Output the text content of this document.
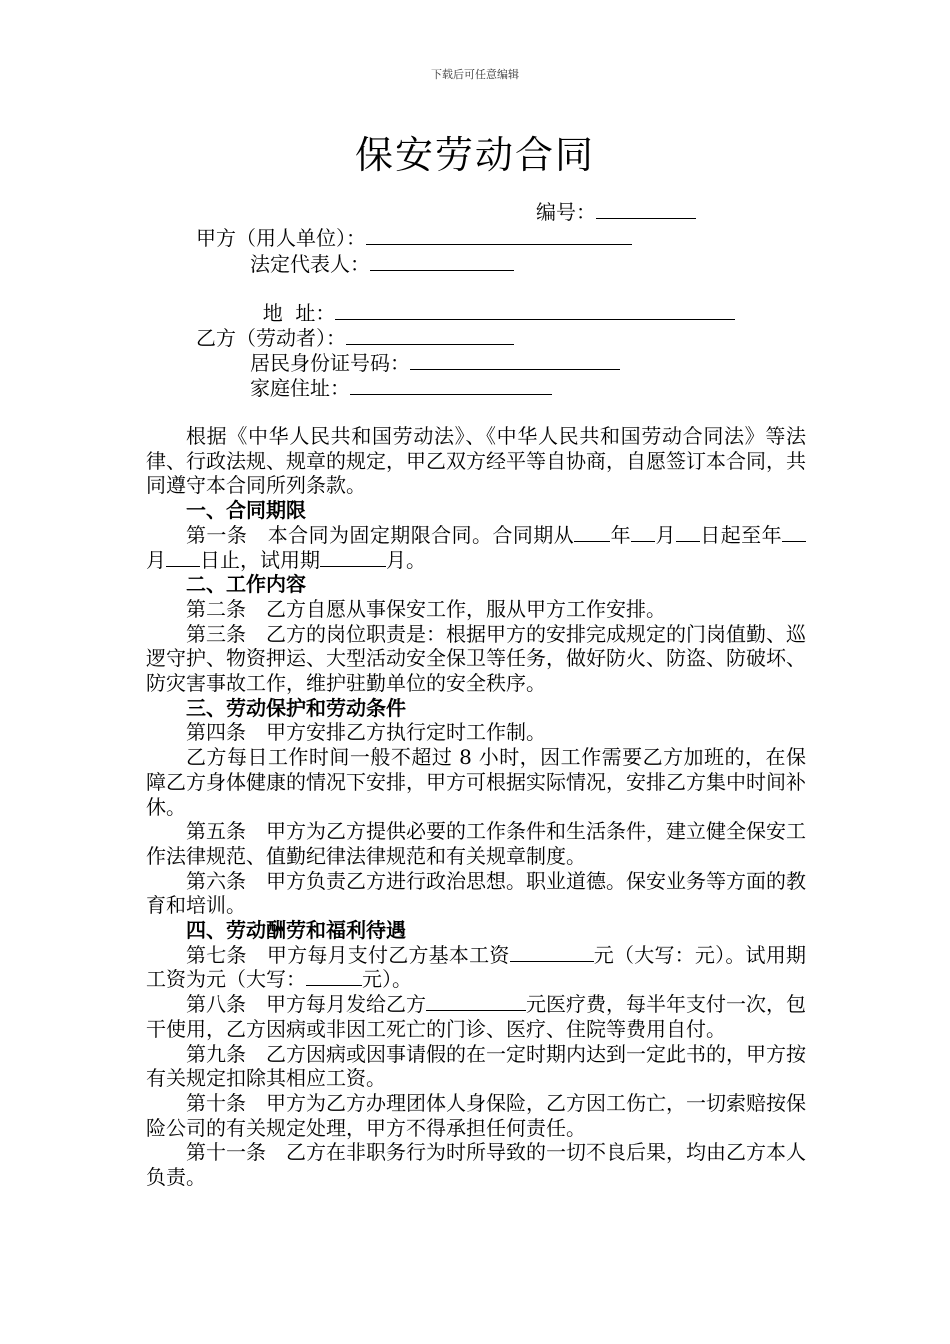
下载后可任意编辑
保安劳动合同
编号：
甲方（用人单位）：
法定代表人：

地  址：

乙方（劳动者）：
居民身份证号码：
家庭住址：

根据《中华人民共和国劳动法》、《中华人民共和国劳动合同法》等法律、行政法规、规章的规定，甲乙双方经平等自协商，自愿签订本合同，共同遵守本合同所列条款。

一、合同期限

第一条　本合同为固定期限合同。合同期从 年 月 日起至年月 日止，试用期	月。

二、工作内容

第二条　乙方自愿从事保安工作，服从甲方工作安排。

第三条　乙方的岗位职责是：根据甲方的安排完成规定的门岗值勤、巡逻守护、物资押运、大型活动安全保卫等任务，做好防火、防盗、防破坏、防灾害事故工作，维护驻勤单位的安全秩序。

三、劳动保护和劳动条件

第四条　甲方安排乙方执行定时工作制。

乙方每日工作时间一般不超过 8 小时，因工作需要乙方加班的，在保障乙方身体健康的情况下安排，甲方可根据实际情况，安排乙方集中时间补休。

第五条　甲方为乙方提供必要的工作条件和生活条件，建立健全保安工作法律规范、值勤纪律法律规范和有关规章制度。

第六条　甲方负责乙方进行政治思想。职业道德。保安业务等方面的教育和培训。

四、劳动酬劳和福利待遇

第七条　甲方每月支付乙方基本工资	元（大写：元）。试用期工资为元（大写：	元）。

第八条　甲方每月发给乙方	元医疗费，每半年支付一次，包干使用，乙方因病或非因工死亡的门诊、医疗、住院等费用自付。

第九条　乙方因病或因事请假的在一定时期内达到一定此书的，甲方按有关规定扣除其相应工资。

第十条　甲方为乙方办理团体人身保险，乙方因工伤亡，一切索赔按保险公司的有关规定处理，甲方不得承担任何责任。

第十一条　乙方在非职务行为时所导致的一切不良后果，均由乙方本人负责。
